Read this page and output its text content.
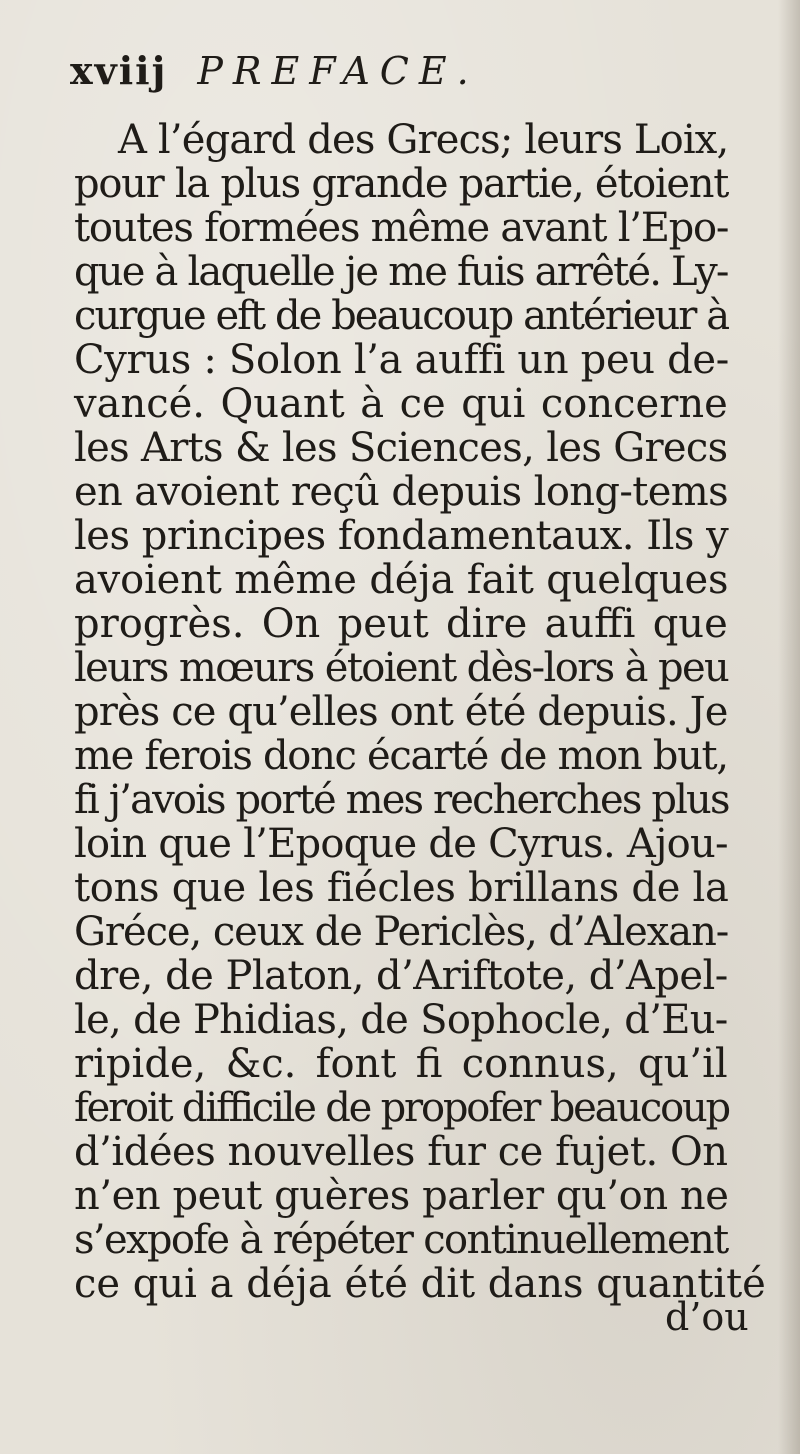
xviij PREFACE.
A l’égard des Grecs; leurs Loix,
pour la plus grande partie, étoient
toutes formées même avant l’Epo-
que à laquelle je me fuis arrêté. Ly-
curgue eft de beaucoup antérieur à
Cyrus : Solon l’a auffi un peu de-
vancé. Quant à ce qui concerne
les Arts & les Sciences, les Grecs
en avoient reçû depuis long-tems
les principes fondamentaux. Ils y
avoient même déja fait quelques
progrès. On peut dire auffi que
leurs mœurs étoient dès-lors à peu
près ce qu’elles ont été depuis. Je
me ferois donc écarté de mon but,
fi j’avois porté mes recherches plus
loin que l’Epoque de Cyrus. Ajou-
tons que les fiécles brillans de la
Gréce, ceux de Periclès, d’Alexan-
dre, de Platon, d’Ariftote, d’Apel-
le, de Phidias, de Sophocle, d’Eu-
ripide, &c. font fi connus, qu’il
feroit difficile de propofer beaucoup
d’idées nouvelles fur ce fujet. On
n’en peut guères parler qu’on ne
s’expofe à répéter continuellement
ce qui a déja été dit dans quantité
d’ou
